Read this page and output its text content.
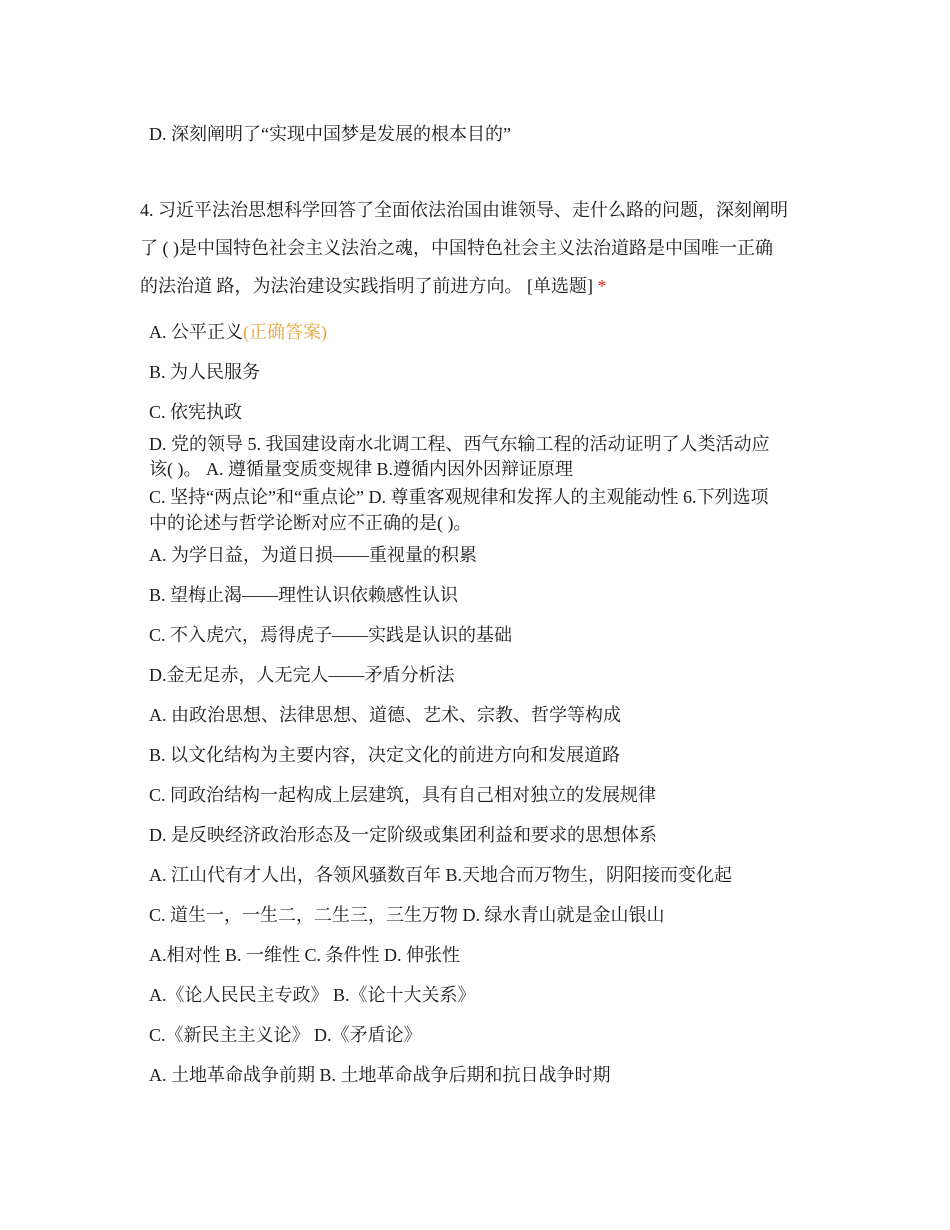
D. 深刻阐明了“实现中国梦是发展的根本目的”
4. 习近平法治思想科学回答了全面依法治国由谁领导、走什么路的问题，深刻阐明
了 ( )是中国特色社会主义法治之魂，中国特色社会主义法治道路是中国唯一正确
的法治道 路，为法治建设实践指明了前进方向。 [单选题] *
A. 公平正义(正确答案)
B. 为人民服务
C. 依宪执政
D. 党的领导 5. 我国建设南水北调工程、西气东输工程的活动证明了人类活动应
该( )。 A. 遵循量变质变规律 B.遵循内因外因辩证原理
C. 坚持“两点论”和“重点论” D. 尊重客观规律和发挥人的主观能动性 6.下列选项
中的论述与哲学论断对应不正确的是( )。
A. 为学日益，为道日损——重视量的积累
B. 望梅止渴——理性认识依赖感性认识
C. 不入虎穴，焉得虎子——实践是认识的基础
D.金无足赤，人无完人——矛盾分析法
A. 由政治思想、法律思想、道德、艺术、宗教、哲学等构成
B. 以文化结构为主要内容，决定文化的前进方向和发展道路
C. 同政治结构一起构成上层建筑，具有自己相对独立的发展规律
D. 是反映经济政治形态及一定阶级或集团利益和要求的思想体系
A. 江山代有才人出，各领风骚数百年 B.天地合而万物生，阴阳接而变化起
C. 道生一，一生二，二生三，三生万物 D. 绿水青山就是金山银山
A.相对性 B. 一维性 C. 条件性 D. 伸张性
A.《论人民民主专政》 B.《论十大关系》
C.《新民主主义论》 D.《矛盾论》
A. 土地革命战争前期 B. 土地革命战争后期和抗日战争时期
